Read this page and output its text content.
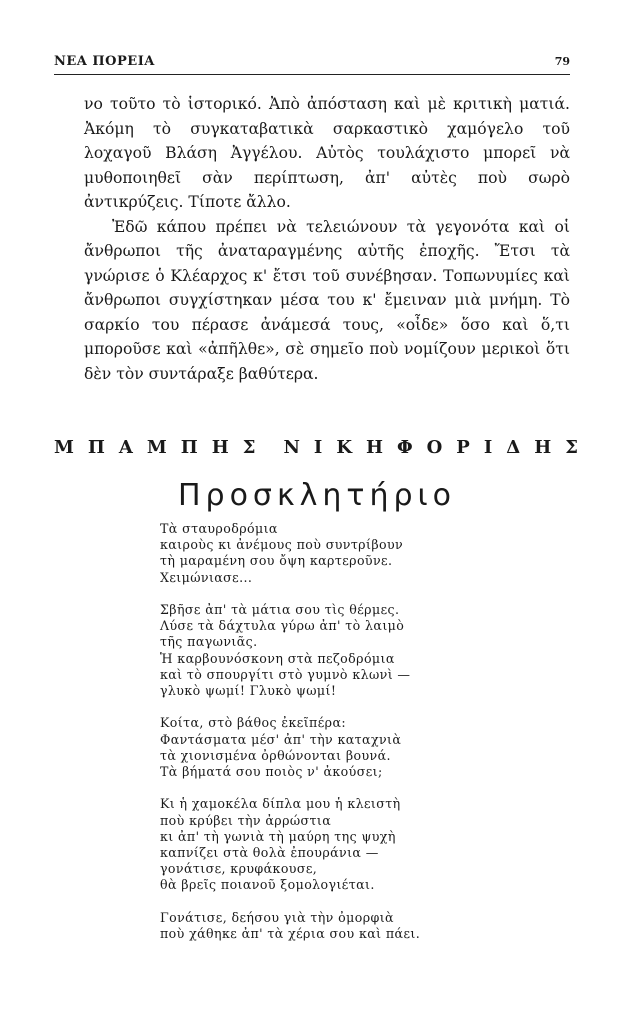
ΝΕΑ ΠΟΡΕΙΑ	79

νο τοῦτο τὸ ἱστορικό. Ἀπὸ ἀπόσταση καὶ μὲ κριτικὴ ματιά. Ἀκόμη τὸ συγκαταβατικὰ σαρκαστικὸ χαμόγελο τοῦ λοχαγοῦ Βλάση Ἀγγέλου. Αὐτὸς τουλάχιστο μπορεῖ νὰ μυθοποιηθεῖ σὰν περίπτωση, ἀπ' αὐτὲς ποὺ σωρὸ ἀντικρύζεις. Τίποτε ἄλλο.

Ἐδῶ κάπου πρέπει νὰ τελειώνουν τὰ γεγονότα καὶ οἱ ἄνθρωποι τῆς ἀναταραγμένης αὐτῆς ἐποχῆς. Ἔτσι τὰ γνώρισε ὁ Κλέαρχος κ' ἔτσι τοῦ συνέβησαν. Τοπωνυμίες καὶ ἄνθρωποι συγχίστηκαν μέσα του κ' ἔμειναν μιὰ μνήμη. Τὸ σαρκίο του πέρασε ἀνάμεσά τους, «οἶδε» ὅσο καὶ ὅ,τι μποροῦσε καὶ «ἀπῆλθε», σὲ σημεῖο ποὺ νομίζουν μερικοὶ ὅτι δὲν τὸν συντάραξε βαθύτερα.

Μ Π Α Μ Π Η Σ Ν Ι Κ Η Φ Ο Ρ Ι Δ Η Σ
Προσκλητήριο
Τὰ σταυροδρόμια
καιροὺς κι ἀνέμους ποὺ συντρίβουν
τὴ μαραμένη σου ὄψη καρτεροῦνε.
Χειμώνιασε...
Σβῆσε ἀπ' τὰ μάτια σου τὶς θέρμες.
Λύσε τὰ δάχτυλα γύρω ἀπ' τὸ λαιμὸ
τῆς παγωνιᾶς.
Ἡ καρβουνόσκονη στὰ πεζοδρόμια
καὶ τὸ σπουργίτι στὸ γυμνὸ κλωνὶ —
γλυκὸ ψωμί! Γλυκὸ ψωμί!
Κοίτα, στὸ βάθος ἐκεῖπέρα:
Φαντάσματα μέσ' ἀπ' τὴν καταχνιὰ
τὰ χιονισμένα ὀρθώνονται βουνά.
Τὰ βήματά σου ποιὸς ν' ἀκούσει;
Κι ἡ χαμοκέλα δίπλα μου ἡ κλειστὴ
ποὺ κρύβει τὴν ἀρρώστια
κι ἀπ' τὴ γωνιὰ τὴ μαύρη της ψυχὴ
καπνίζει στὰ θολὰ ἐπουράνια —
γονάτισε, κρυφάκουσε,
θὰ βρεῖς ποιανοῦ ξομολογιέται.
Γονάτισε, δεήσου γιὰ τὴν ὀμορφιὰ
ποὺ χάθηκε ἀπ' τὰ χέρια σου καὶ πάει.
